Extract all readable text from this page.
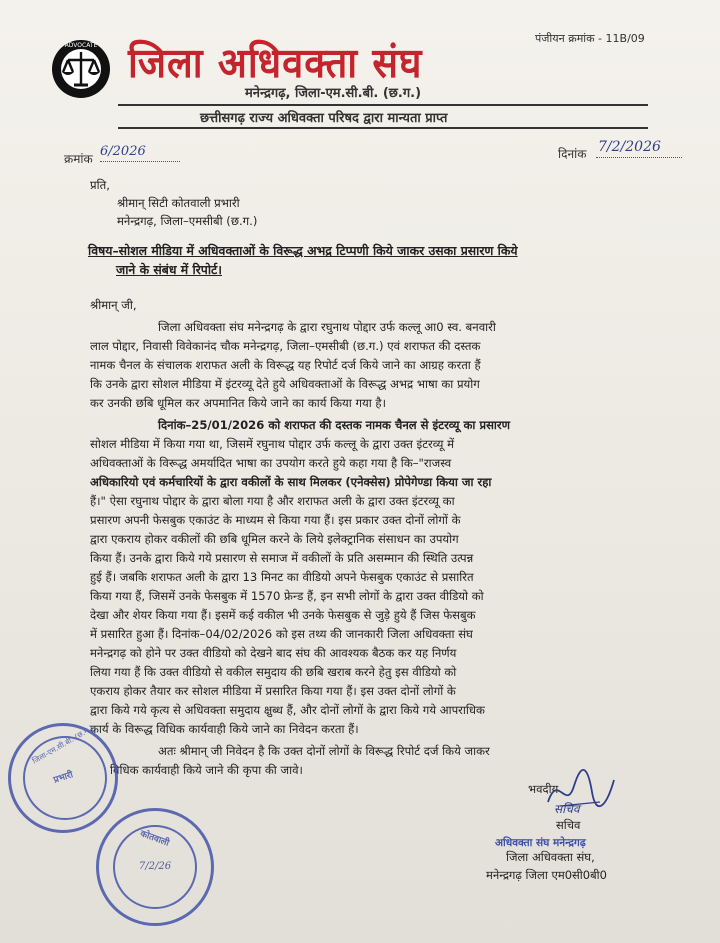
ADVOCATE
पंजीयन क्रमांक - 11B/09
जिला अधिवक्ता संघ
मनेन्द्रगढ़, जिला-एम.सी.बी. (छ.ग.)
छत्तीसगढ़ राज्य अधिवक्ता परिषद द्वारा मान्यता प्राप्त
क्रमांक 6/2026	दिनांक 7/2/2026
प्रति,
श्रीमान् सिटी कोतवाली प्रभारी
मनेन्द्रगढ़, जिला–एमसीबी (छ.ग.)
विषय–सोशल मीडिया में अधिवक्ताओं के विरूद्ध अभद्र टिप्पणी किये जाकर उसका प्रसारण किये
जाने के संबंध में रिपोर्ट।
श्रीमान् जी,
जिला अधिवक्ता संघ मनेन्द्रगढ़ के द्वारा रघुनाथ पोद्दार उर्फ कल्लू आ0 स्व. बनवारी
लाल पोद्दार, निवासी विवेकानंद चौक मनेन्द्रगढ़, जिला–एमसीबी (छ.ग.) एवं शराफत की दस्तक
नामक चैनल के संचालक शराफत अली के विरूद्ध यह रिपोर्ट दर्ज किये जाने का आग्रह करता हैं
कि उनके द्वारा सोशल मीडिया में इंटरव्यू देते हुये अधिवक्ताओं के विरूद्ध अभद्र भाषा का प्रयोग
कर उनकी छबि धूमिल कर अपमानित किये जाने का कार्य किया गया है।
दिनांक–25/01/2026 को शराफत की दस्तक नामक चैनल से इंटरव्यू का प्रसारण
सोशल मीडिया में किया गया था, जिसमें रघुनाथ पोद्दार उर्फ कल्लू के द्वारा उक्त इंटरव्यू में
अधिवक्ताओं के विरूद्ध अमर्यादित भाषा का उपयोग करते हुये कहा गया है कि–"राजस्व
अधिकारियो एवं कर्मचारियों के द्वारा वकीलों के साथ मिलकर (एनेक्सेस) प्रोपेगेण्डा किया जा रहा
हैं।" ऐसा रघुनाथ पोद्दार के द्वारा बोला गया है और शराफत अली के द्वारा उक्त इंटरव्यू का
प्रसारण अपनी फेसबुक एकाउंट के माध्यम से किया गया हैं। इस प्रकार उक्त दोनों लोगों के
द्वारा एकराय होकर वकीलों की छबि धूमिल करने के लिये इलेक्ट्रानिक संसाधन का उपयोग
किया हैं। उनके द्वारा किये गये प्रसारण से समाज में वकीलों के प्रति असम्मान की स्थिति उत्पन्न
हुई हैं। जबकि शराफत अली के द्वारा 13 मिनट का वीडियो अपने फेसबुक एकाउंट से प्रसारित
किया गया हैं, जिसमें उनके फेसबुक में 1570 फ्रेन्ड हैं, इन सभी लोगों के द्वारा उक्त वीडियो को
देखा और शेयर किया गया हैं। इसमें कई वकील भी उनके फेसबुक से जुड़े हुये हैं जिस फेसबुक
में प्रसारित हुआ हैं। दिनांक–04/02/2026 को इस तथ्य की जानकारी जिला अधिवक्ता संघ
मनेन्द्रगढ़ को होने पर उक्त वीडियो को देखने बाद संघ की आवश्यक बैठक कर यह निर्णय
लिया गया हैं कि उक्त वीडियो से वकील समुदाय की छबि खराब करने हेतु इस वीडियो को
एकराय होकर तैयार कर सोशल मीडिया में प्रसारित किया गया हैं। इस उक्त दोनों लोगों के
द्वारा किये गये कृत्य से अधिवक्ता समुदाय क्षुब्ध हैं, और दोनों लोगों के द्वारा किये गये आपराधिक
कार्य के विरूद्ध विधिक कार्यवाही किये जाने का निवेदन करता हैं।
अतः श्रीमान् जी निवेदन है कि उक्त दोनों लोगों के विरूद्ध रिपोर्ट दर्ज किये जाकर
विधिक कार्यवाही किये जाने की कृपा की जावे।
भवदीय
सचिव
सचिव
अधिवक्ता संघ मनेन्द्रगढ़
जिला अधिवक्ता संघ,
मनेन्द्रगढ़ जिला एम0सी0बी0
प्रभारी
जिला-एम.सी.बी. (छ.ग.)
कोतवाली
7/2/26
